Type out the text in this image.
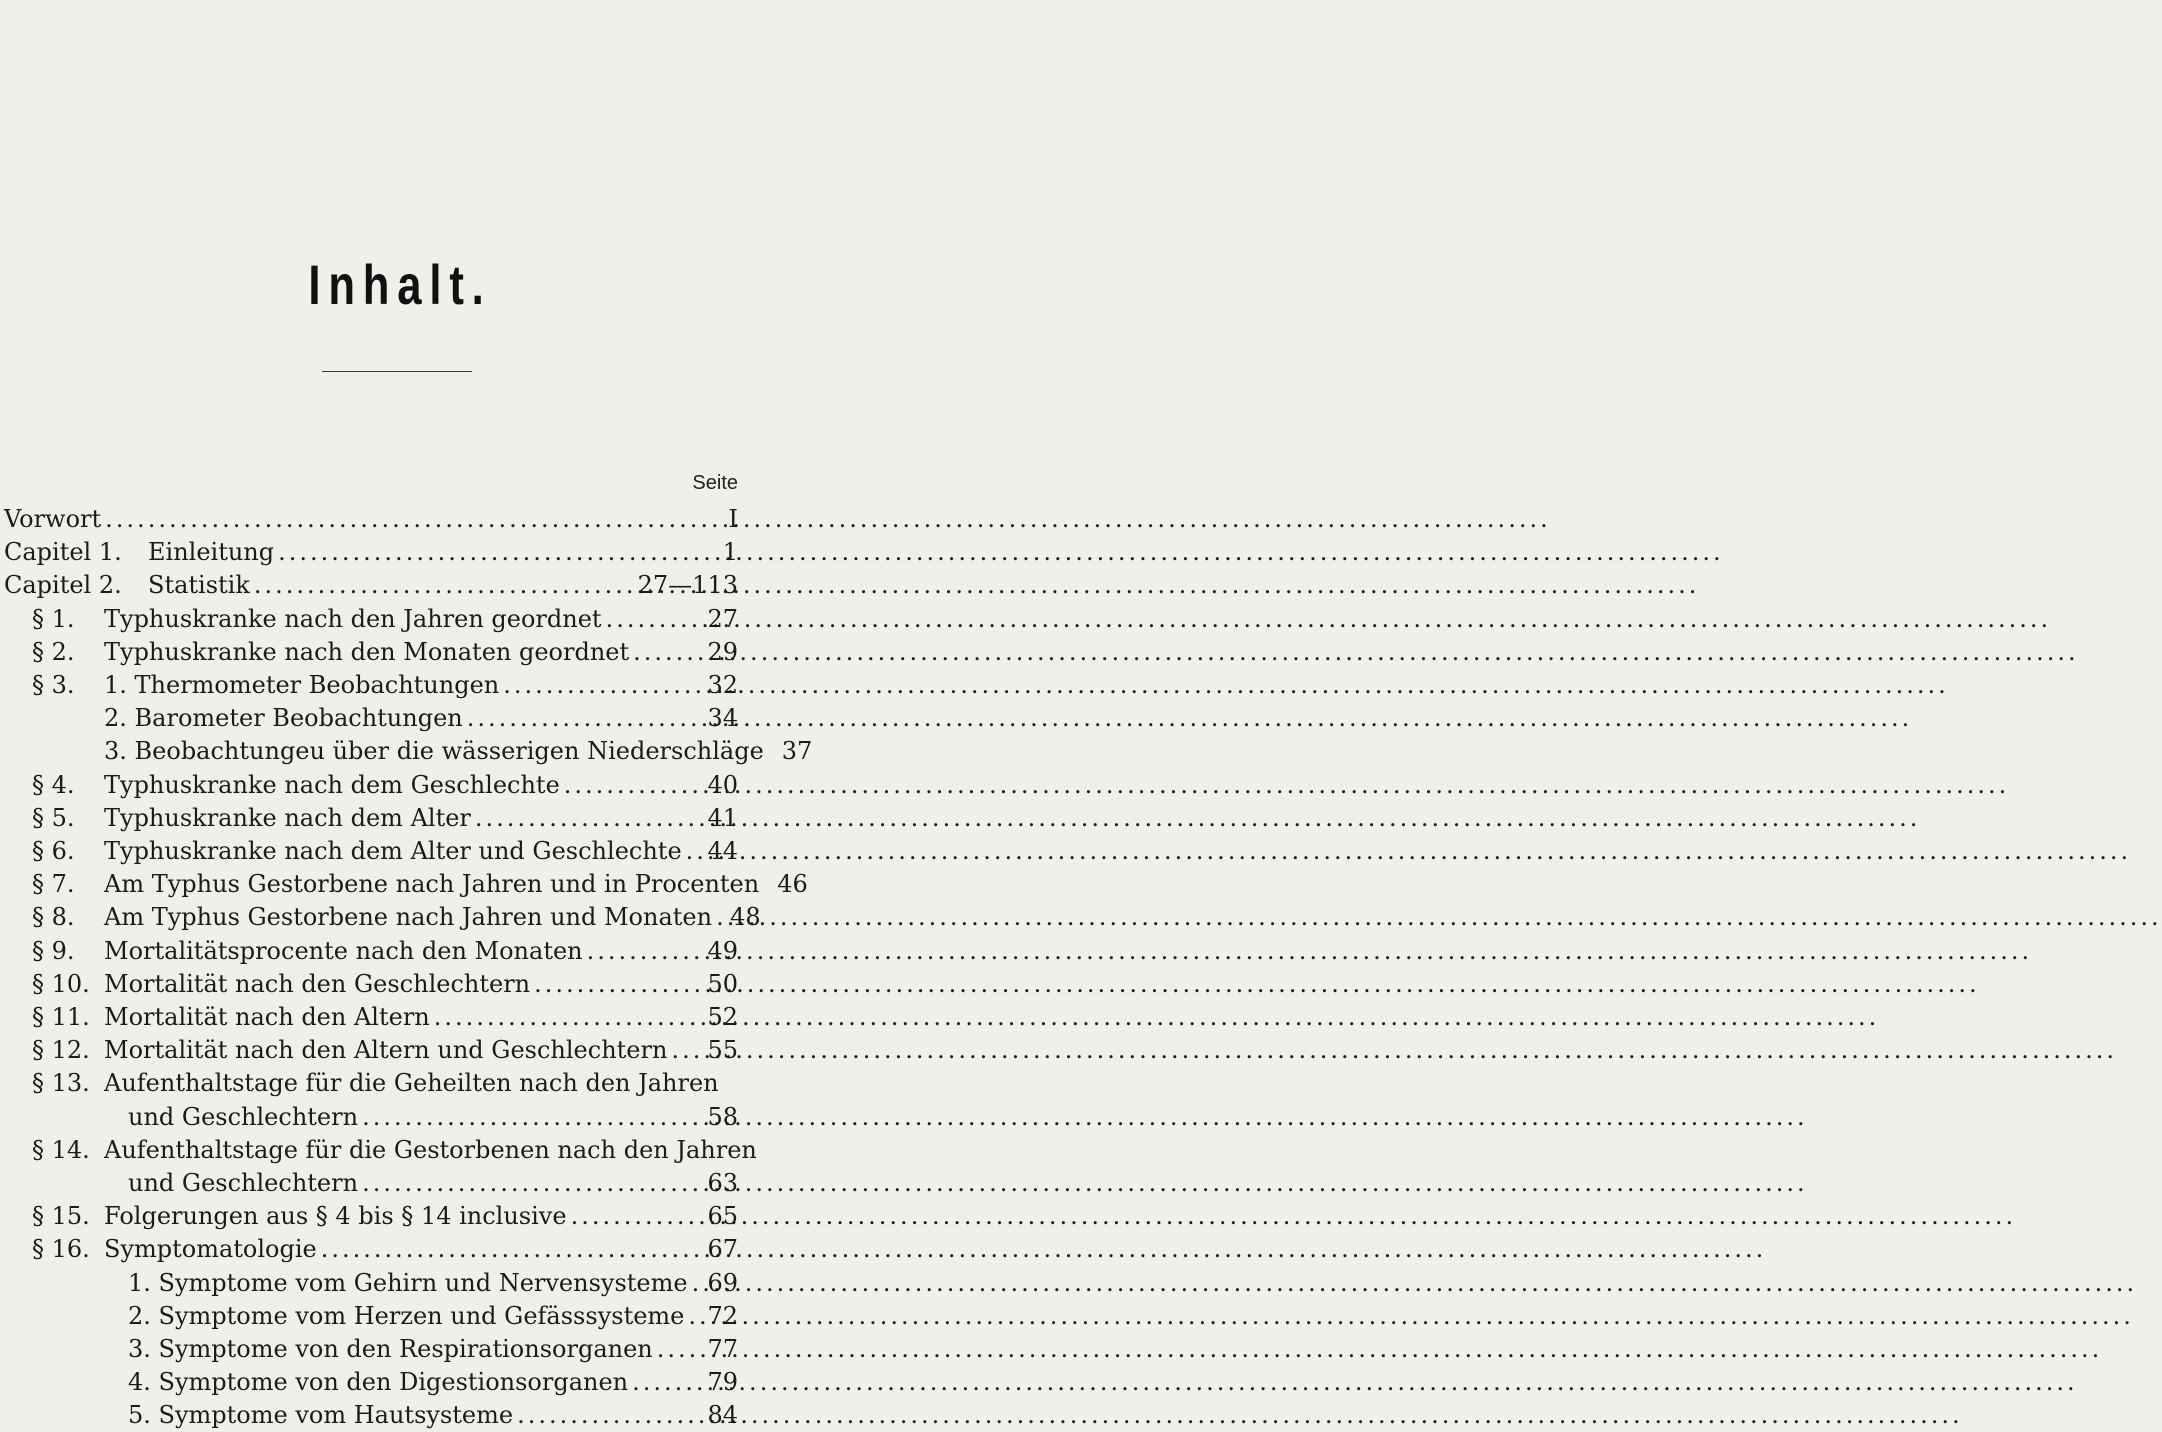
Inhalt.
Seite
Vorwort .....	I
Capitel 1. Einleitung .....	1
Capitel 2. Statistik .....	27—113
§ 1. Typhuskranke nach den Jahren geordnet .....	27
§ 2. Typhuskranke nach den Monaten geordnet .....	29
§ 3. 1. Thermometer Beobachtungen .....	32
2. Barometer Beobachtungen .....	34
3. Beobachtungeu über die wässerigen Niederschläge 37
§ 4. Typhuskranke nach dem Geschlechte .....	40
§ 5. Typhuskranke nach dem Alter .....	41
§ 6. Typhuskranke nach dem Alter und Geschlechte ..... 44
§ 7. Am Typhus Gestorbene nach Jahren und in Procenten 46
§ 8. Am Typhus Gestorbene nach Jahren und Monaten ..... 48
§ 9. Mortalitätsprocente nach den Monaten .....	49
§ 10. Mortalität nach den Geschlechtern .....	50
§ 11. Mortalität nach den Altern .....	52
§ 12. Mortalität nach den Altern und Geschlechtern ..... 55
§ 13. Aufenthaltstage für die Geheilten nach den Jahren
und Geschlechtern .....	58
§ 14. Aufenthaltstage für die Gestorbenen nach den Jahren
und Geschlechtern .....	63
§ 15. Folgerungen aus § 4 bis § 14 inclusive .....	65
§ 16. Symptomatologie .....	67
1. Symptome vom Gehirn und Nervensysteme ..... 69
2. Symptome vom Herzen und Gefässsysteme ..... 72
3. Symptome von den Respirationsorganen ..... 77
4. Symptome von den Digestionsorganen .....	79
5. Symptome vom Hautsysteme .....	84
